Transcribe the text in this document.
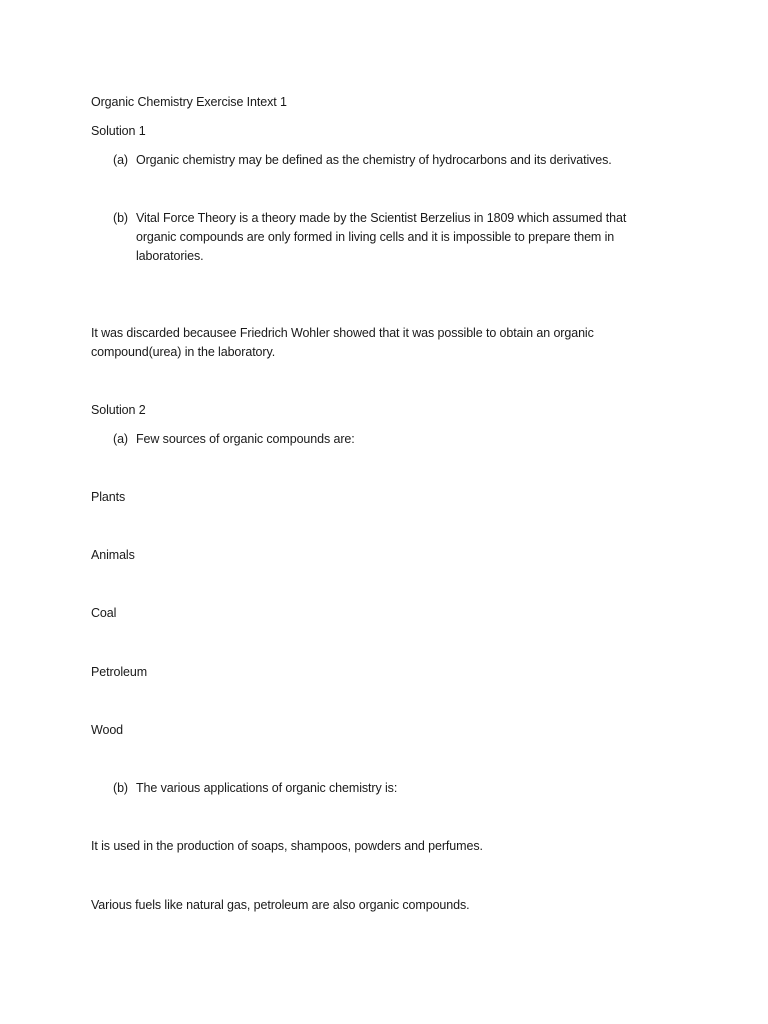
Organic Chemistry Exercise Intext 1
Solution 1
(a) Organic chemistry may be defined as the chemistry of hydrocarbons and its derivatives.
(b) Vital Force Theory is a theory made by the Scientist Berzelius in 1809 which assumed that organic compounds are only formed in living cells and it is impossible to prepare them in laboratories.
It was discarded becausee Friedrich Wohler showed that it was possible to obtain an organic compound(urea) in the laboratory.
Solution 2
(a) Few sources of organic compounds are:
Plants
Animals
Coal
Petroleum
Wood
(b) The various applications of organic chemistry is:
It is used in the production of soaps, shampoos, powders and perfumes.
Various fuels like natural gas, petroleum are also organic compounds.
